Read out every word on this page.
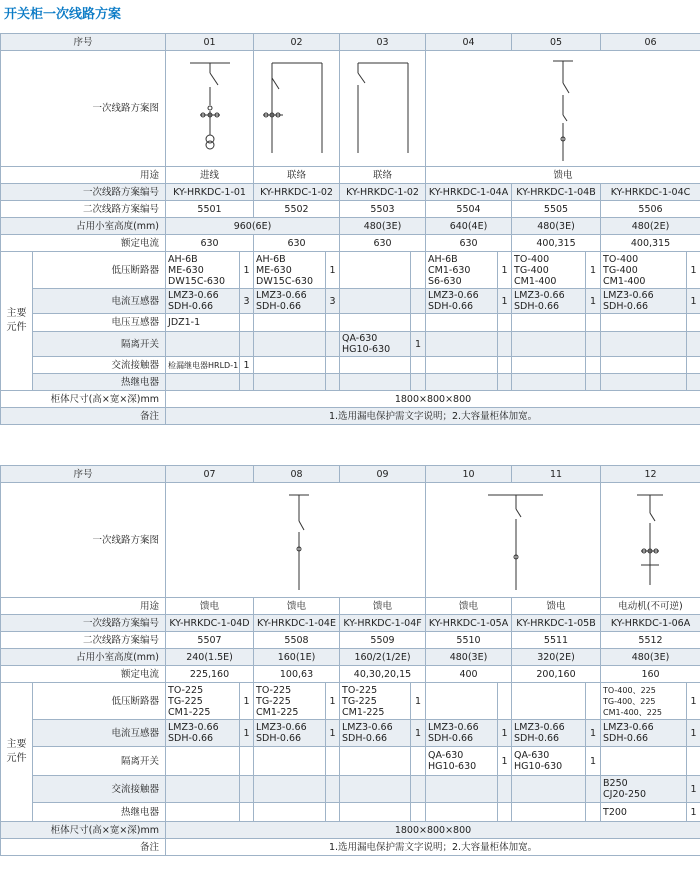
开关柜一次线路方案
序号		01		02		03		04		05		06	
一次线路方案图	

用途		进线		联络		联络		馈电					
一次线路方案编号		KY-HRKDC-1-01		KY-HRKDC-1-02		KY-HRKDC-1-02		KY-HRKDC-1-04A		KY-HRKDC-1-04B		KY-HRKDC-1-04C	
二次线路方案编号		5501		5502		5503		5504		5505		5506	
占用小室高度(mm)		960(6E)				480(3E)		640(4E)		480(3E)		480(2E)	
额定电流		630		630		630		630		400,315		400,315	
主要元件	低压断路器	AH-6B
ME-630
DW15C-630	1	AH-6B
ME-630
DW15C-630	1			AH-6B
CM1-630
S6-630	1	TO-400
TG-400
CM1-400	1	TO-400
TG-400
CM1-400	1
	电流互感器	LMZ3-0.66
SDH-0.66	3	LMZ3-0.66
SDH-0.66	3			LMZ3-0.66
SDH-0.66	1	LMZ3-0.66
SDH-0.66	1	LMZ3-0.66
SDH-0.66	1
	电压互感器	JDZ1-1											
	隔离开关					QA-630
HG10-630	1						
	交流接触器	检漏继电器HRLD-1	1										
	热继电器												
柜体尺寸(高×宽×深)mm		1800×800×800											
备注		1.选用漏电保护需文字说明；2.大容量柜体加宽。											
序号		07		08		09		10		11		12	
一次线路方案图	

用途		馈电		馈电		馈电		馈电		馈电		电动机(不可逆)	
一次线路方案编号		KY-HRKDC-1-04D		KY-HRKDC-1-04E		KY-HRKDC-1-04F		KY-HRKDC-1-05A		KY-HRKDC-1-05B		KY-HRKDC-1-06A	
二次线路方案编号		5507		5508		5509		5510		5511		5512	
占用小室高度(mm)		240(1.5E)		160(1E)		160/2(1/2E)		480(3E)		320(2E)		480(3E)	
额定电流		225,160		100,63		40,30,20,15		400		200,160		160	
主要元件	低压断路器	TO-225
TG-225
CM1-225	1	TO-225
TG-225
CM1-225	1	TO-225
TG-225
CM1-225	1					TO-400、225
TG-400、225
CM1-400、225	1
	电流互感器	LMZ3-0.66
SDH-0.66	1	LMZ3-0.66
SDH-0.66	1	LMZ3-0.66
SDH-0.66	1	LMZ3-0.66
SDH-0.66	1	LMZ3-0.66
SDH-0.66	1	LMZ3-0.66
SDH-0.66	1
	隔离开关							QA-630
HG10-630	1	QA-630
HG10-630	1		
	交流接触器											B250
CJ20-250	1
	热继电器											T200	1
柜体尺寸(高×宽×深)mm		1800×800×800											
备注		1.选用漏电保护需文字说明；2.大容量柜体加宽。											
